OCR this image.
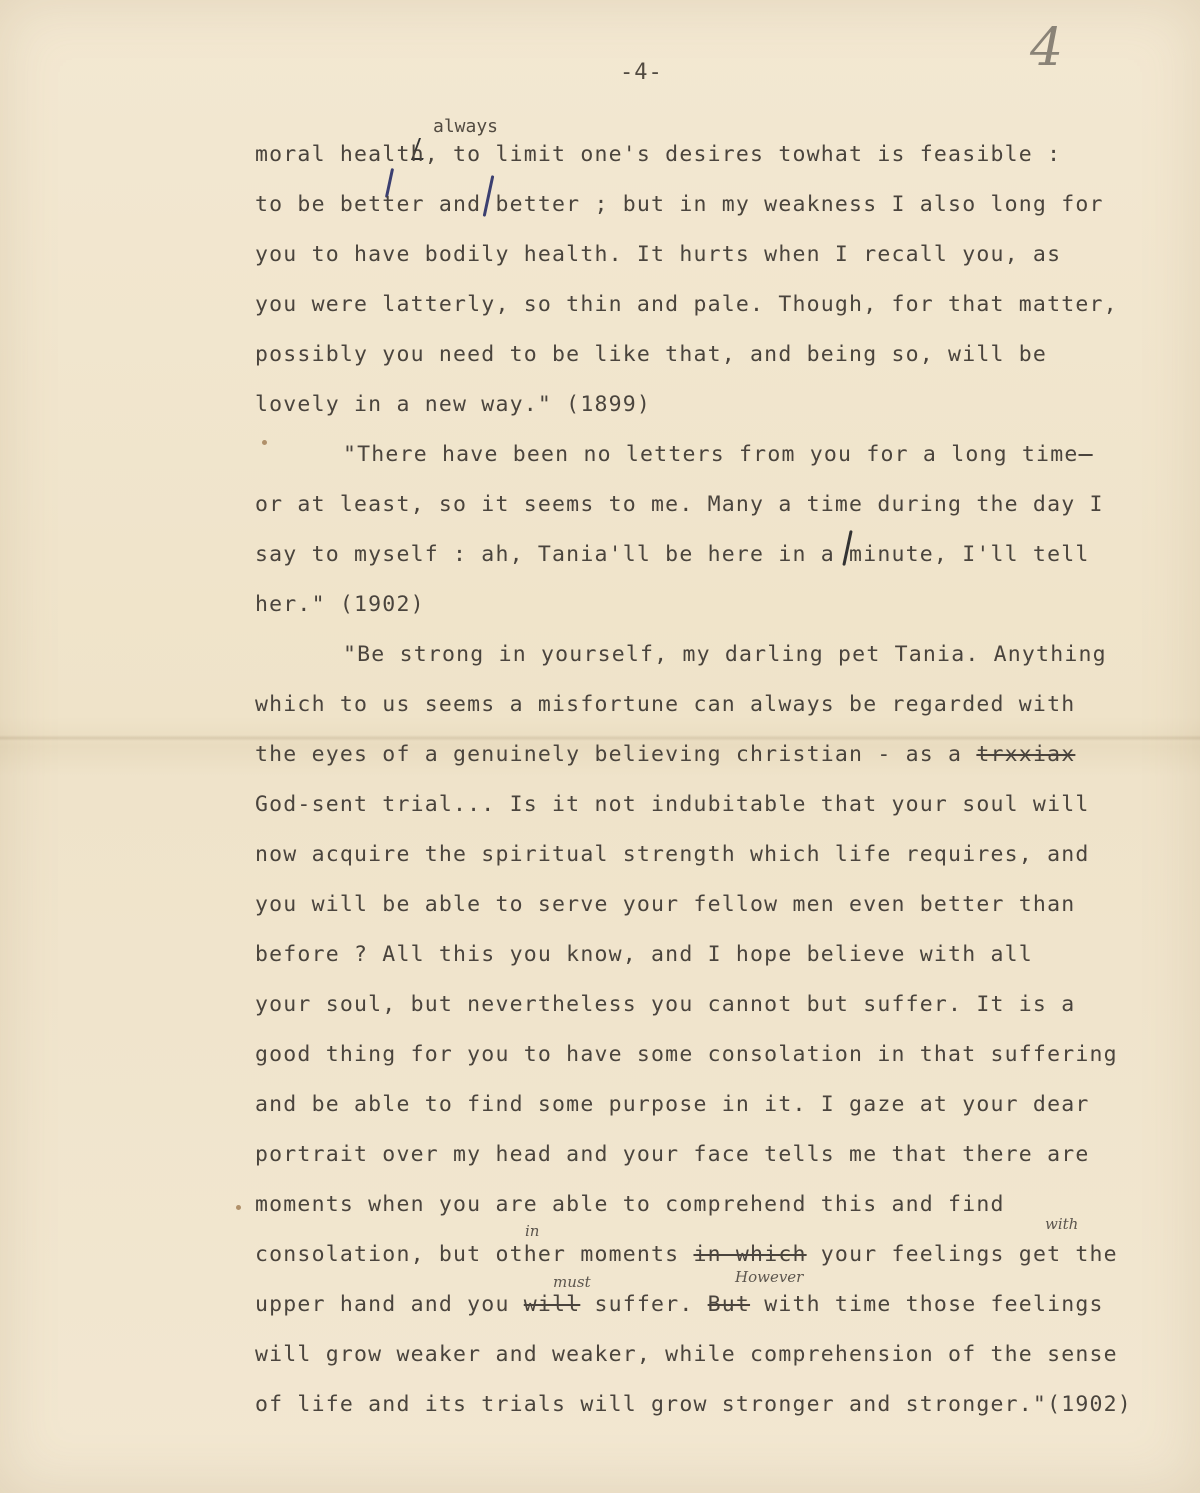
-4-	4
always
in	with
must	However
moral health, to limit one's desires towhat is feasible :
to be better and better ; but in my weakness I also long for
you to have bodily health. It hurts when I recall you, as
you were latterly, so thin and pale. Though, for that matter,
possibly you need to be like that, and being so, will be
lovely in a new way." (1899)
"There have been no letters from you for a long time-
or at least, so it seems to me. Many a time during the day I
say to myself : ah, Tania'll be here in a minute, I'll tell
her." (1902)
"Be strong in yourself, my darling pet Tania. Anything
which to us seems a misfortune can always be regarded with
the eyes of a genuinely believing christian - as a trxxiax
God-sent trial... Is it not indubitable that your soul will
now acquire the spiritual strength which life requires, and
you will be able to serve your fellow men even better than
before ? All this you know, and I hope believe with all
your soul, but nevertheless you cannot but suffer. It is a
good thing for you to have some consolation in that suffering
and be able to find some purpose in it. I gaze at your dear
portrait over my head and your face tells me that there are
moments when you are able to comprehend this and find
consolation, but other moments in which your feelings get the
upper hand and you will suffer. But with time those feelings
will grow weaker and weaker, while comprehension of the sense
of life and its trials will grow stronger and stronger."(1902)
